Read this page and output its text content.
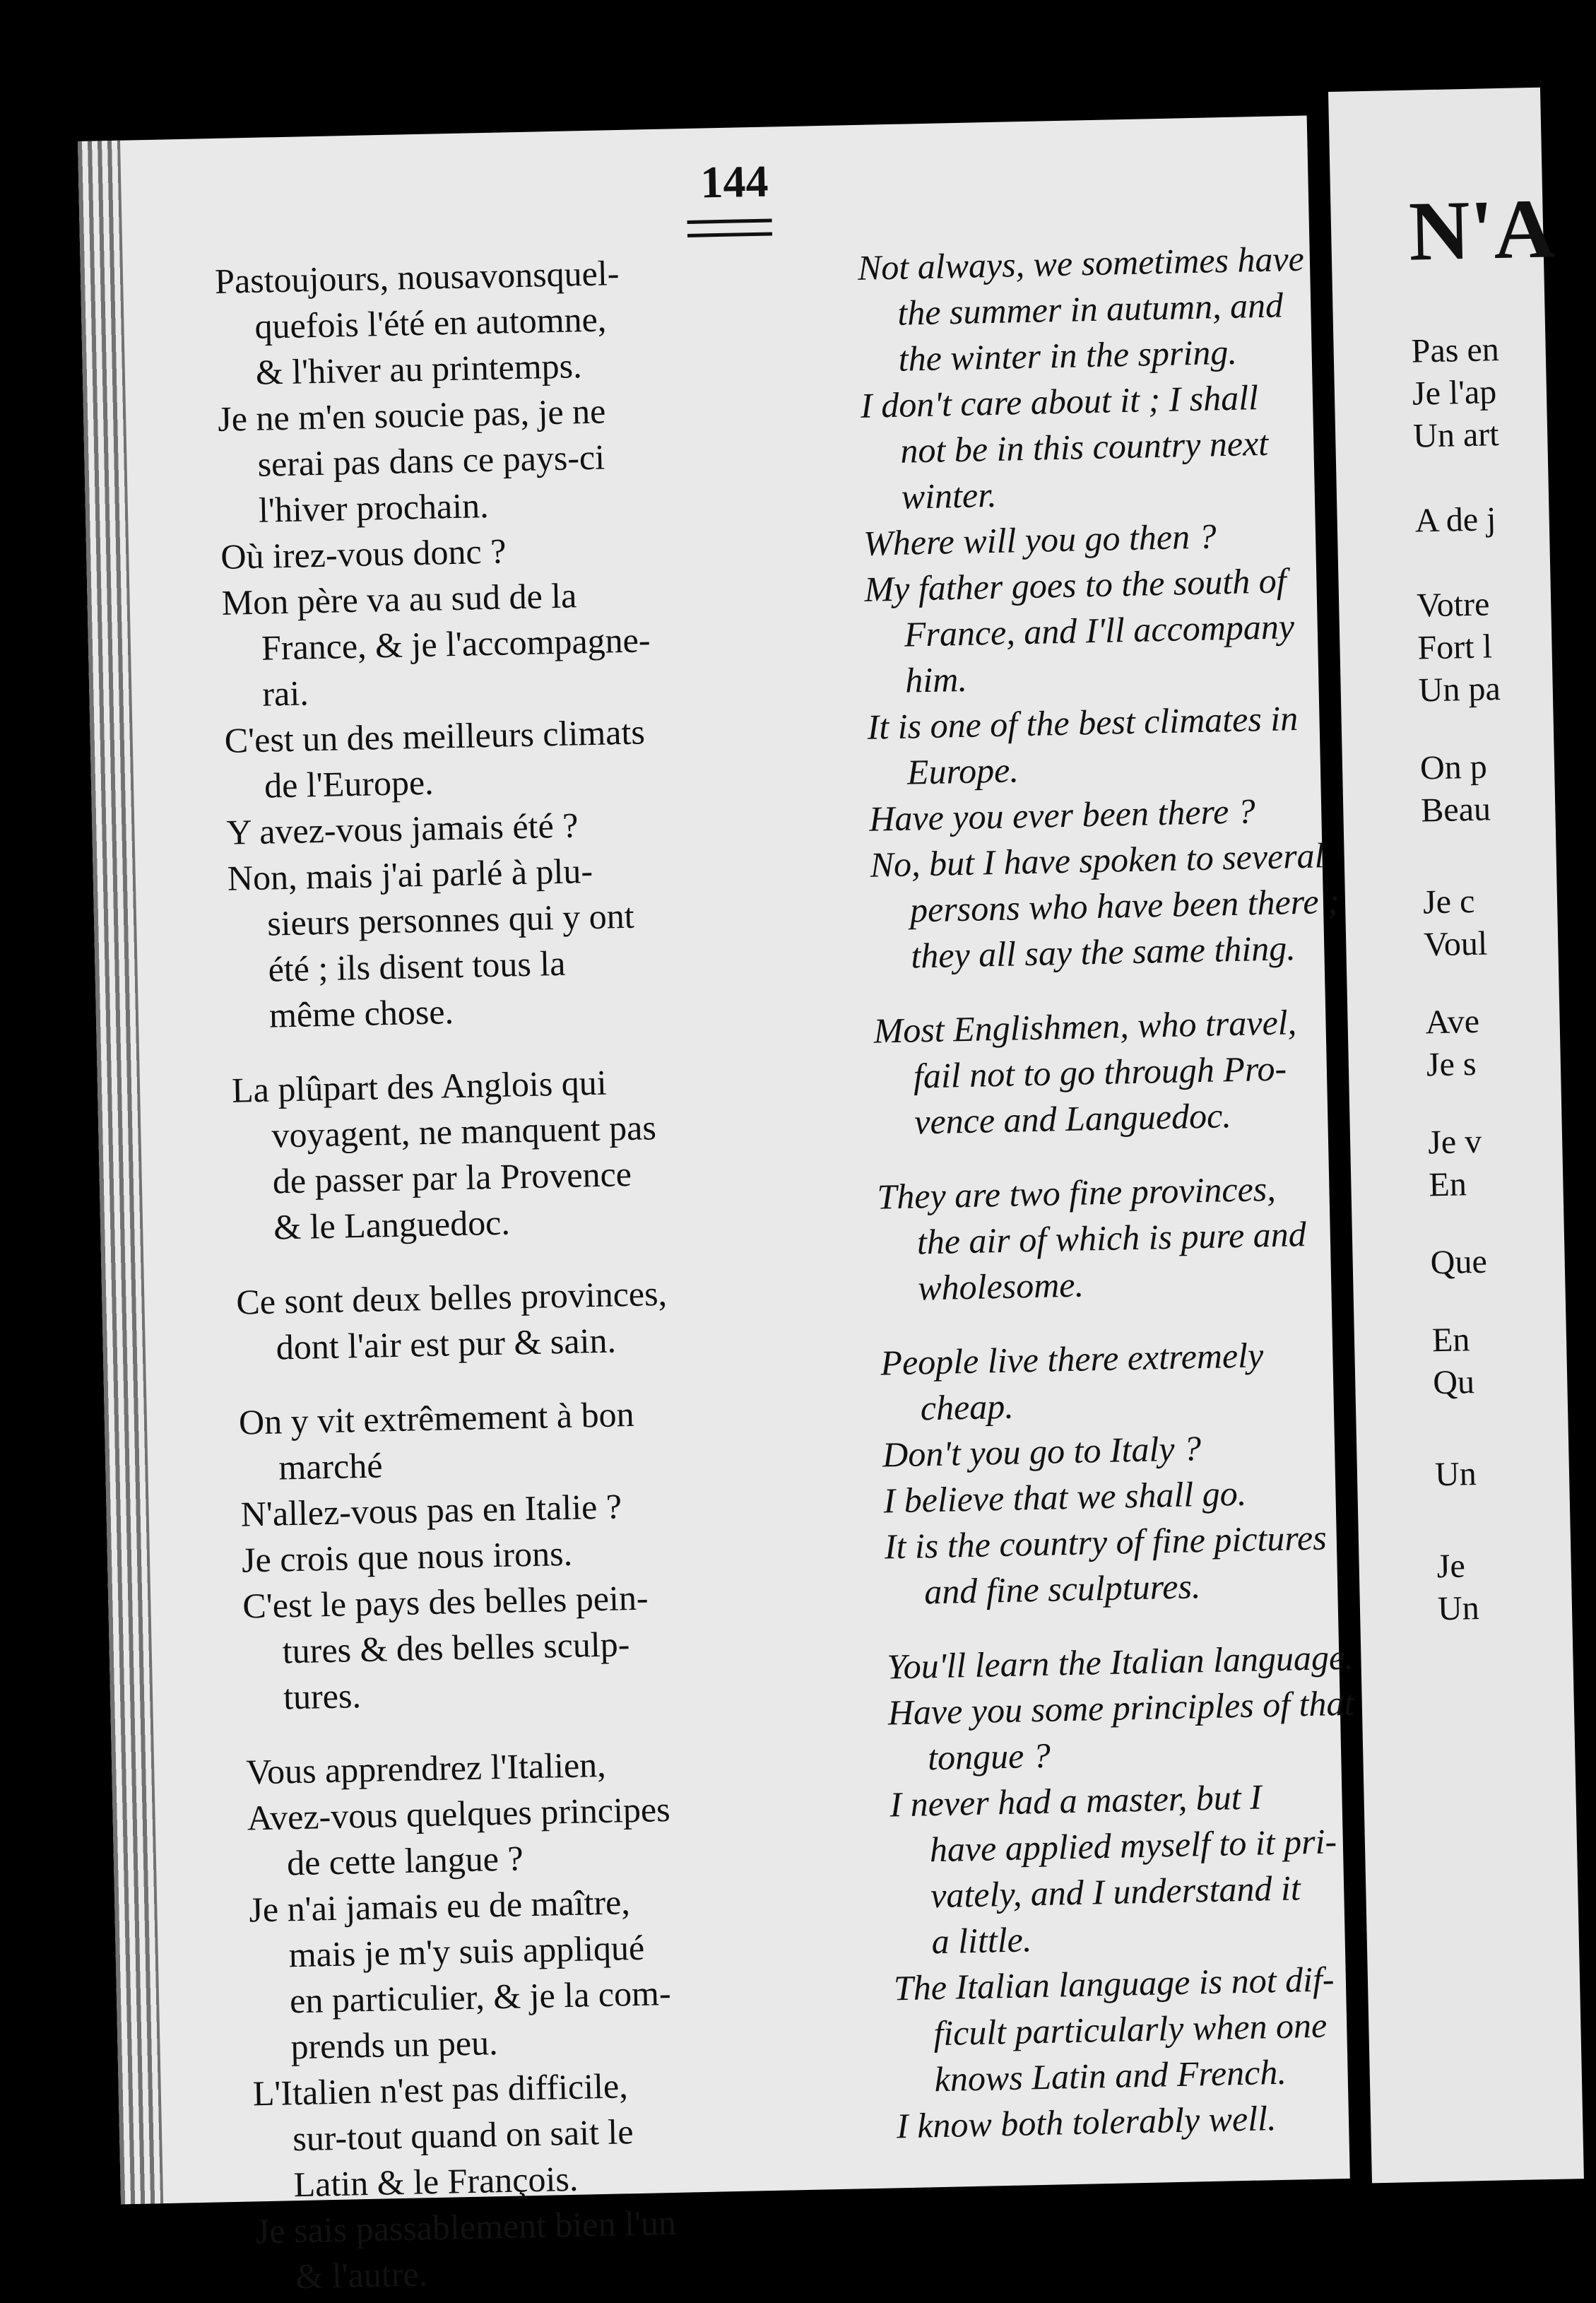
144
Pastoujours, nousavonsquel-
quefois l'été en automne,
& l'hiver au printemps.
Je ne m'en soucie pas, je ne
serai pas dans ce pays-ci
l'hiver prochain.
Où irez-vous donc ?
Mon père va au sud de la
France, & je l'accompagne-
rai.
C'est un des meilleurs climats
de l'Europe.
Y avez-vous jamais été ?
Non, mais j'ai parlé à plu-
sieurs personnes qui y ont
été ; ils disent tous la
même chose.
La plûpart des Anglois qui
voyagent, ne manquent pas
de passer par la Provence
& le Languedoc.
Ce sont deux belles provinces,
dont l'air est pur & sain.
On y vit extrêmement à bon
marché
N'allez-vous pas en Italie ?
Je crois que nous irons.
C'est le pays des belles pein-
tures & des belles sculp-
tures.
Vous apprendrez l'Italien,
Avez-vous quelques principes
de cette langue ?
Je n'ai jamais eu de maître,
mais je m'y suis appliqué
en particulier, & je la com-
prends un peu.
L'Italien n'est pas difficile,
sur-tout quand on sait le
Latin & le François.
Je sais passablement bien l'un
& l'autre.
Not always, we sometimes have
the summer in autumn, and
the winter in the spring.
I don't care about it ; I shall
not be in this country next
winter.
Where will you go then ?
My father goes to the south of
France, and I'll accompany
him.
It is one of the best climates in
Europe.
Have you ever been there ?
No, but I have spoken to several
persons who have been there ;
they all say the same thing.
Most Englishmen, who travel,
fail not to go through Pro-
vence and Languedoc.
They are two fine provinces,
the air of which is pure and
wholesome.
People live there extremely
cheap.
Don't you go to Italy ?
I believe that we shall go.
It is the country of fine pictures
and fine sculptures.
You'll learn the Italian language.
Have you some principles of that
tongue ?
I never had a master, but I
have applied myself to it pri-
vately, and I understand it
a little.
The Italian language is not dif-
ficult particularly when one
knows Latin and French.
I know both tolerably well.
N'A
Pas en
Je l'ap
Un art
A de j
Votre
Fort l
Un pa
On p
Beau
Je c
Voul
Ave
Je s
Je v
En
Que
En
Qu
Un
Je
Un
